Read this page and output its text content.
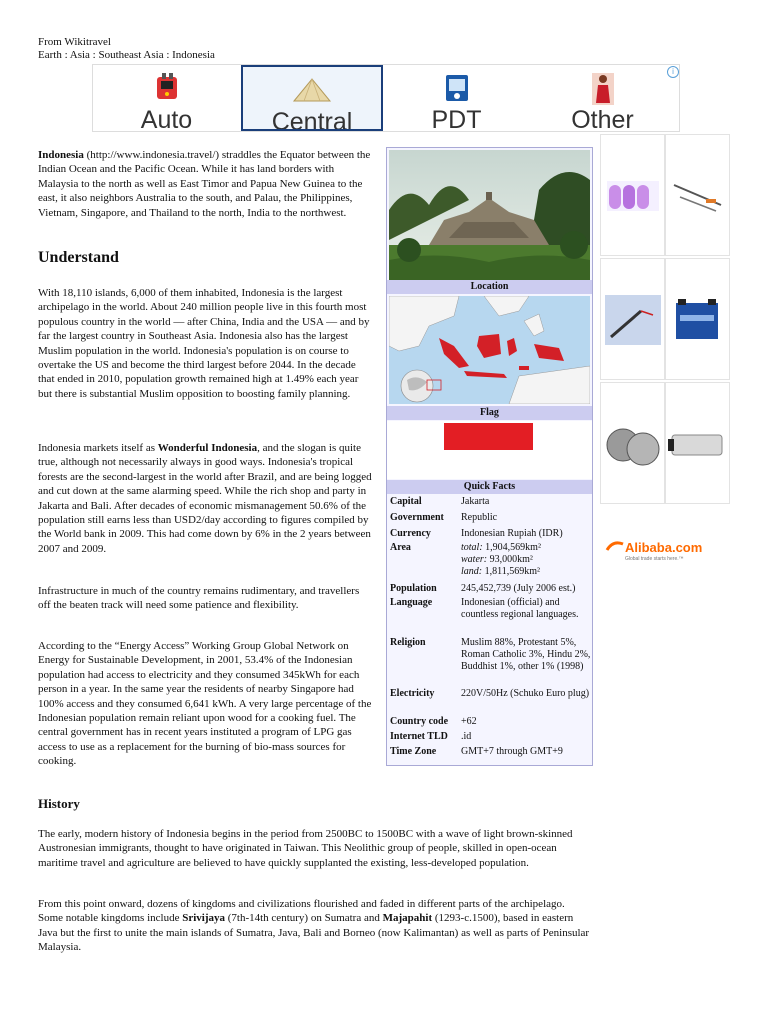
From Wikitravel
Earth : Asia : Southeast Asia : Indonesia
Auto	Central	PDT	Other
i
Indonesia (http://www.indonesia.travel/) straddles the Equator between the Indian Ocean and the Pacific Ocean. While it has land borders with Malaysia to the north as well as East Timor and Papua New Guinea to the east, it also neighbors Australia to the south, and Palau, the Philippines, Vietnam, Singapore, and Thailand to the north, India to the northwest.
Understand
With 18,110 islands, 6,000 of them inhabited, Indonesia is the largest archipelago in the world. About 240 million people live in this fourth most populous country in the world — after China, India and the USA — and by far the largest country in Southeast Asia. Indonesia also has the largest Muslim population in the world. Indonesia's population is on course to overtake the US and become the third largest before 2044. In the decade that ended in 2010, population growth remained high at 1.49% each year but there is substantial Muslim opposition to boosting family planning.
Indonesia markets itself as Wonderful Indonesia, and the slogan is quite true, although not necessarily always in good ways. Indonesia's tropical forests are the second-largest in the world after Brazil, and are being logged and cut down at the same alarming speed. While the rich shop and party in Jakarta and Bali. After decades of economic mismanagement 50.6% of the population still earns less than USD2/day according to figures compiled by the World bank in 2009. This had come down by 6% in the 2 years between 2007 and 2009.
Infrastructure in much of the country remains rudimentary, and travellers off the beaten track will need some patience and flexibility.
According to the “Energy Access” Working Group Global Network on Energy for Sustainable Development, in 2001, 53.4% of the Indonesian population had access to electricity and they consumed 345kWh for each person in a year. In the same year the residents of nearby Singapore had 100% access and they consumed 6,641 kWh. A very large percentage of the Indonesian population remain reliant upon wood for a cooking fuel. The central government has in recent years instituted a program of LPG gas access to use as a replacement for the burning of bio-mass sources for cooking.
History
The early, modern history of Indonesia begins in the period from 2500BC to 1500BC with a wave of light brown-skinned Austronesian immigrants, thought to have originated in Taiwan. This Neolithic group of people, skilled in open-ocean maritime travel and agriculture are believed to have quickly supplanted the existing, less-developed population.
From this point onward, dozens of kingdoms and civilizations flourished and faded in different parts of the archipelago. Some notable kingdoms include Srivijaya (7th-14th century) on Sumatra and Majapahit (1293-c.1500), based in eastern Java but the first to unite the main islands of Sumatra, Java, Bali and Borneo (now Kalimantan) as well as parts of Peninsular Malaysia.
Location
Flag
Quick Facts
Capital	Jakarta
Government	Republic
Currency	Indonesian Rupiah (IDR)
Area	total: 1,904,569km²
water: 93,000km²
land: 1,811,569km²
Population	245,452,739 (July 2006 est.)
Language	Indonesian (official) and countless regional languages.
Religion	Muslim 88%, Protestant 5%, Roman Catholic 3%, Hindu 2%, Buddhist 1%, other 1% (1998)
Electricity	220V/50Hz (Schuko Euro plug)
Country code	+62
Internet TLD	.id
Time Zone	GMT+7 through GMT+9
Alibaba.com
Global trade starts here.™
